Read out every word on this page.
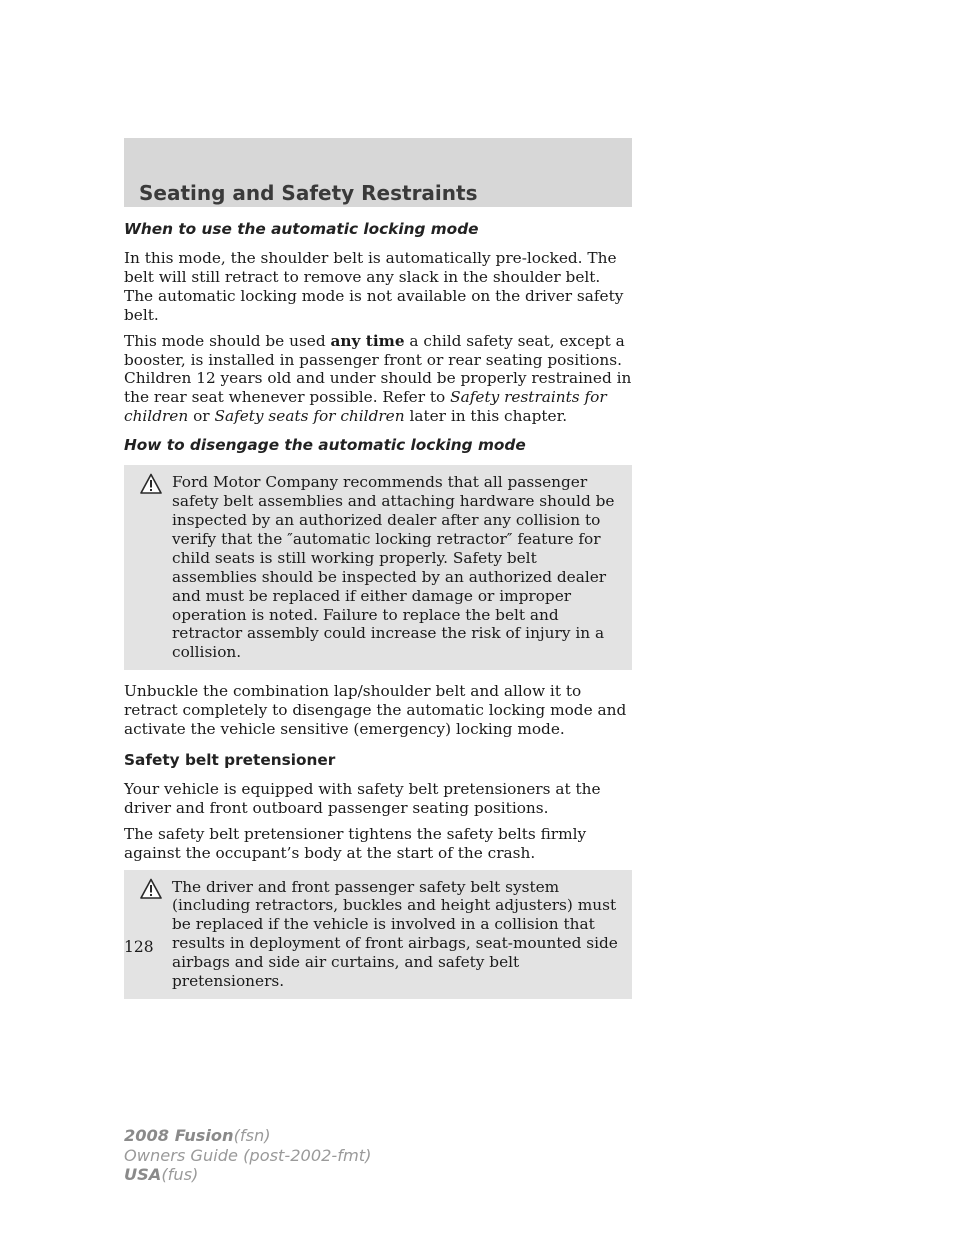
Seating and Safety Restraints
When to use the automatic locking mode

In this mode, the shoulder belt is automatically pre-locked. The belt will still retract to remove any slack in the shoulder belt. The automatic locking mode is not available on the driver safety belt.

This mode should be used any time a child safety seat, except a booster, is installed in passenger front or rear seating positions. Children 12 years old and under should be properly restrained in the rear seat whenever possible. Refer to Safety restraints for children or Safety seats for children later in this chapter.

How to disengage the automatic locking mode
Ford Motor Company recommends that all passenger safety belt assemblies and attaching hardware should be inspected by an authorized dealer after any collision to verify that the ″automatic locking retractor″ feature for child seats is still working properly. Safety belt assemblies should be inspected by an authorized dealer and must be replaced if either damage or improper operation is noted. Failure to replace the belt and retractor assembly could increase the risk of injury in a collision.

Unbuckle the combination lap/shoulder belt and allow it to retract completely to disengage the automatic locking mode and activate the vehicle sensitive (emergency) locking mode.

Safety belt pretensioner

Your vehicle is equipped with safety belt pretensioners at the driver and front outboard passenger seating positions.

The safety belt pretensioner tightens the safety belts firmly against the occupant’s body at the start of the crash.

The driver and front passenger safety belt system (including retractors, buckles and height adjusters) must be replaced if the vehicle is involved in a collision that results in deployment of front airbags, seat-mounted side airbags and side air curtains, and safety belt pretensioners.
128
2008 Fusion(fsn)
Owners Guide (post-2002-fmt)
USA(fus)
